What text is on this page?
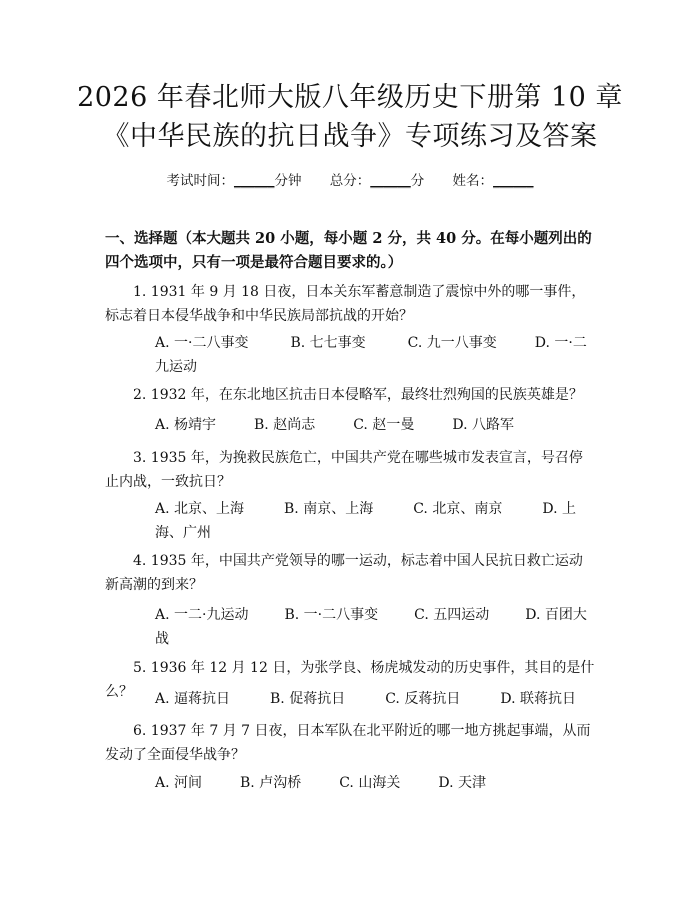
2026 年春北师大版八年级历史下册第 10 章
《中华民族的抗日战争》专项练习及答案
考试时间：______分钟 总分：______分 姓名：______
一、选择题（本大题共 20 小题，每小题 2 分，共 40 分。在每小题列出的四个选项中，只有一项是最符合题目要求的。）
1. 1931 年 9 月 18 日夜，日本关东军蓄意制造了震惊中外的哪一事件，标志着日本侵华战争和中华民族局部抗战的开始？
A. 一·二八事变	B. 七七事变	C. 九一八事变	D. 一·二九运动
2. 1932 年，在东北地区抗击日本侵略军，最终壮烈殉国的民族英雄是？
A. 杨靖宇	B. 赵尚志	C. 赵一曼	D. 八路军
3. 1935 年，为挽救民族危亡，中国共产党在哪些城市发表宣言，号召停止内战，一致抗日？
A. 北京、上海	B. 南京、上海	C. 北京、南京	D. 上海、广州
4. 1935 年，中国共产党领导的哪一运动，标志着中国人民抗日救亡运动新高潮的到来？
A. 一二·九运动	B. 一·二八事变	C. 五四运动	D. 百团大战
5. 1936 年 12 月 12 日，为张学良、杨虎城发动的历史事件，其目的是什么？	A. 逼蒋抗日	B. 促蒋抗日	C. 反蒋抗日	D. 联蒋抗日
6. 1937 年 7 月 7 日夜，日本军队在北平附近的哪一地方挑起事端，从而发动了全面侵华战争？
A. 河间	B. 卢沟桥	C. 山海关	D. 天津
